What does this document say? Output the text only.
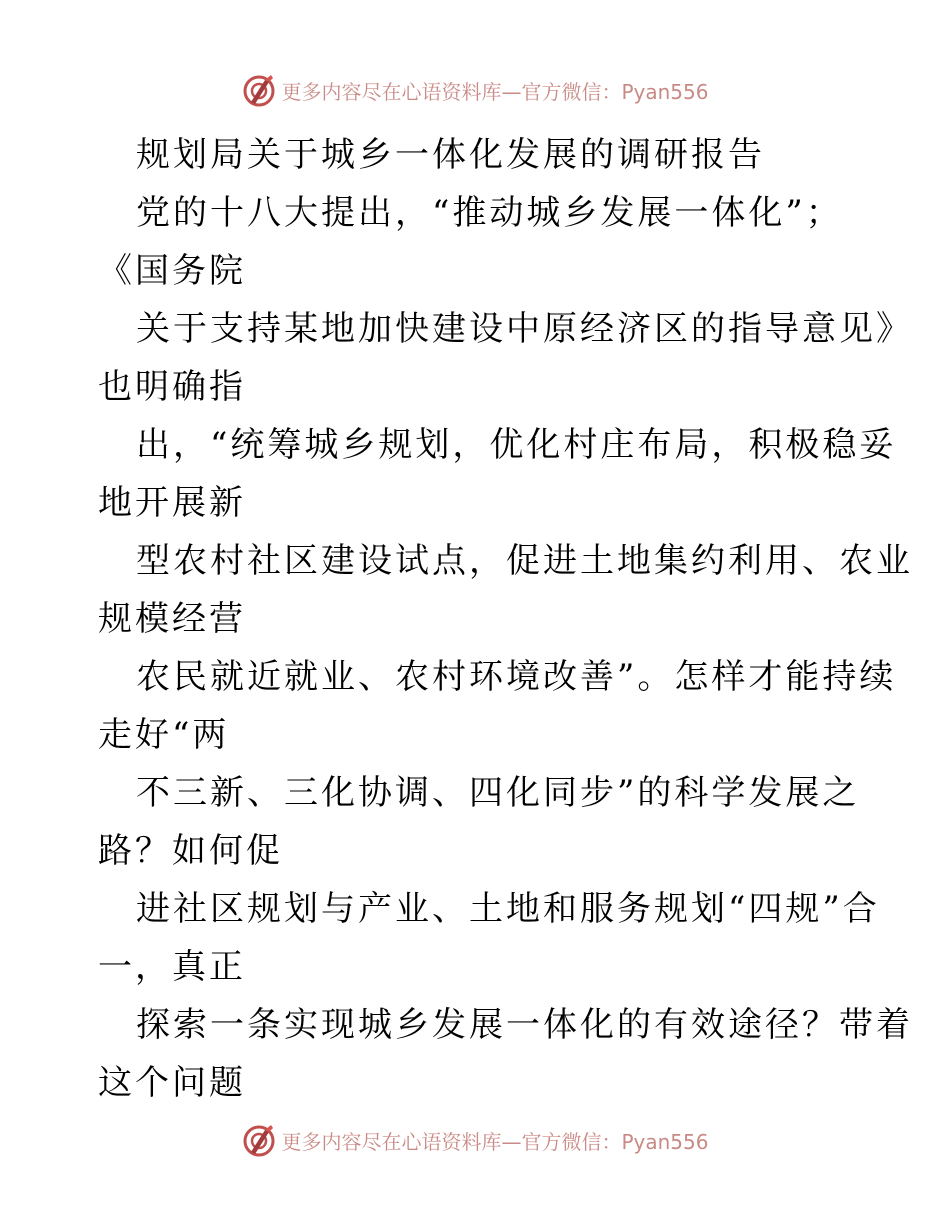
更多内容尽在心语资料库—官方微信：Pyan556
规划局关于城乡一体化发展的调研报告
党的十八大提出，“推动城乡发展一体化”；
《国务院
关于支持某地加快建设中原经济区的指导意见》
也明确指
出，“统筹城乡规划，优化村庄布局，积极稳妥
地开展新
型农村社区建设试点，促进土地集约利用、农业
规模经营
农民就近就业、农村环境改善”。怎样才能持续
走好“两
不三新、三化协调、四化同步”的科学发展之
路？如何促
进社区规划与产业、土地和服务规划“四规”合
一，真正
探索一条实现城乡发展一体化的有效途径？带着
这个问题
更多内容尽在心语资料库—官方微信：Pyan556
